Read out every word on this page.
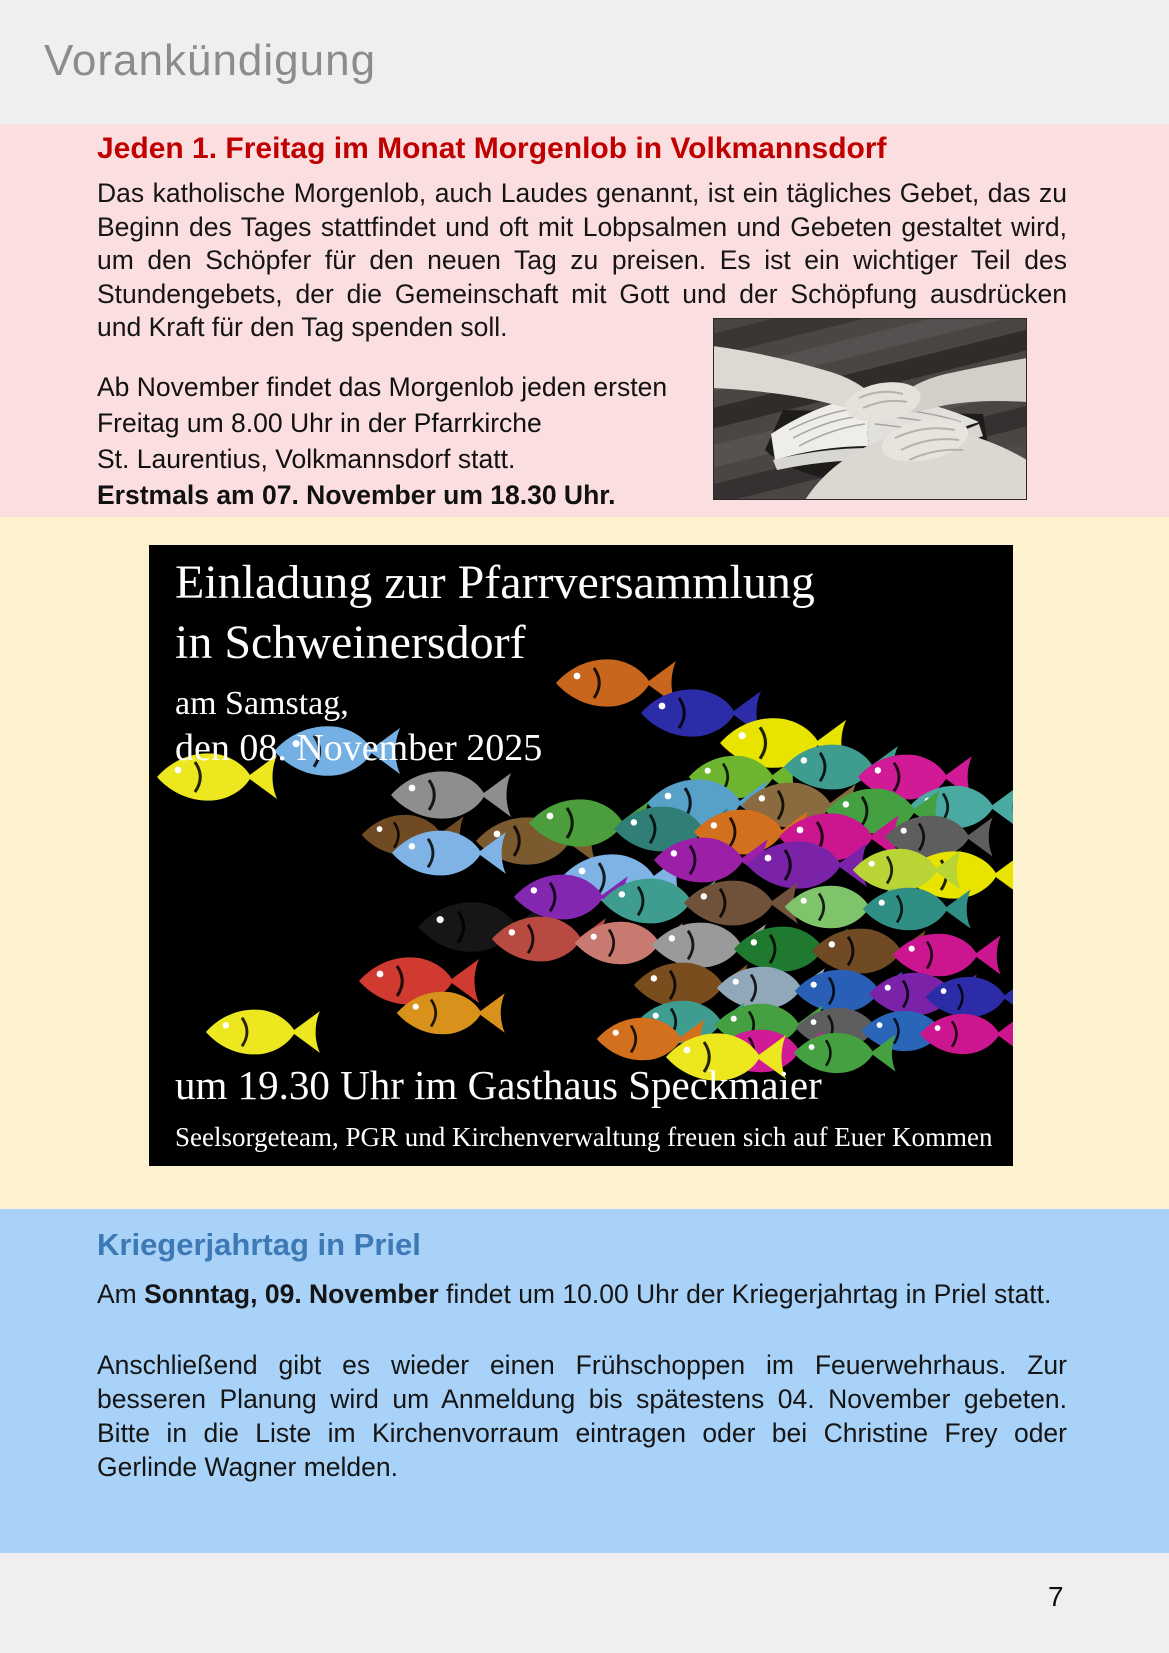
Vorankündigung
Jeden 1. Freitag im Monat Morgenlob in Volkmannsdorf

Das katholische Morgenlob, auch Laudes genannt, ist ein tägliches Gebet, das zu Beginn des Tages stattfindet und oft mit Lobpsalmen und Gebeten gestaltet wird, um den Schöpfer für den neuen Tag zu preisen. Es ist ein wichtiger Teil des Stundengebets, der die Gemeinschaft mit Gott und der Schöpfung ausdrücken und Kraft für den Tag spenden soll.

Ab November findet das Morgenlob jeden ersten
Freitag um 8.00 Uhr in der Pfarrkirche
St. Laurentius, Volkmannsdorf statt.
Erstmals am 07. November um 18.30 Uhr.
Einladung zur Pfarrversammlung
in Schweinersdorf
am Samstag,
den 08. November 2025
um 19.30 Uhr im Gasthaus Speckmaier
Seelsorgeteam, PGR und Kirchenverwaltung freuen sich auf Euer Kommen
Kriegerjahrtag in Priel

Am Sonntag, 09. November findet um 10.00 Uhr der Kriegerjahrtag in Priel statt.

Anschließend gibt es wieder einen Frühschoppen im Feuerwehrhaus. Zur besseren Planung wird um Anmeldung bis spätestens 04. November gebeten. Bitte in die Liste im Kirchenvorraum eintragen oder bei Christine Frey oder Gerlinde Wagner melden.

7
